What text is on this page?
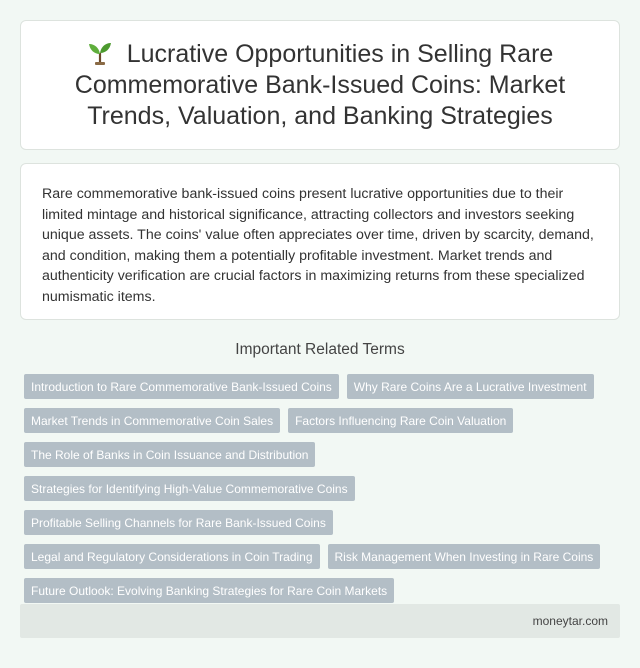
Lucrative Opportunities in Selling Rare Commemorative Bank-Issued Coins: Market Trends, Valuation, and Banking Strategies

Rare commemorative bank-issued coins present lucrative opportunities due to their limited mintage and historical significance, attracting collectors and investors seeking unique assets. The coins' value often appreciates over time, driven by scarcity, demand, and condition, making them a potentially profitable investment. Market trends and authenticity verification are crucial factors in maximizing returns from these specialized numismatic items.

Important Related Terms
Introduction to Rare Commemorative Bank-Issued Coins	Why Rare Coins Are a Lucrative Investment
Market Trends in Commemorative Coin Sales	Factors Influencing Rare Coin Valuation
The Role of Banks in Coin Issuance and Distribution
Strategies for Identifying High-Value Commemorative Coins
Profitable Selling Channels for Rare Bank-Issued Coins
Legal and Regulatory Considerations in Coin Trading	Risk Management When Investing in Rare Coins
Future Outlook: Evolving Banking Strategies for Rare Coin Markets
moneytar.com
